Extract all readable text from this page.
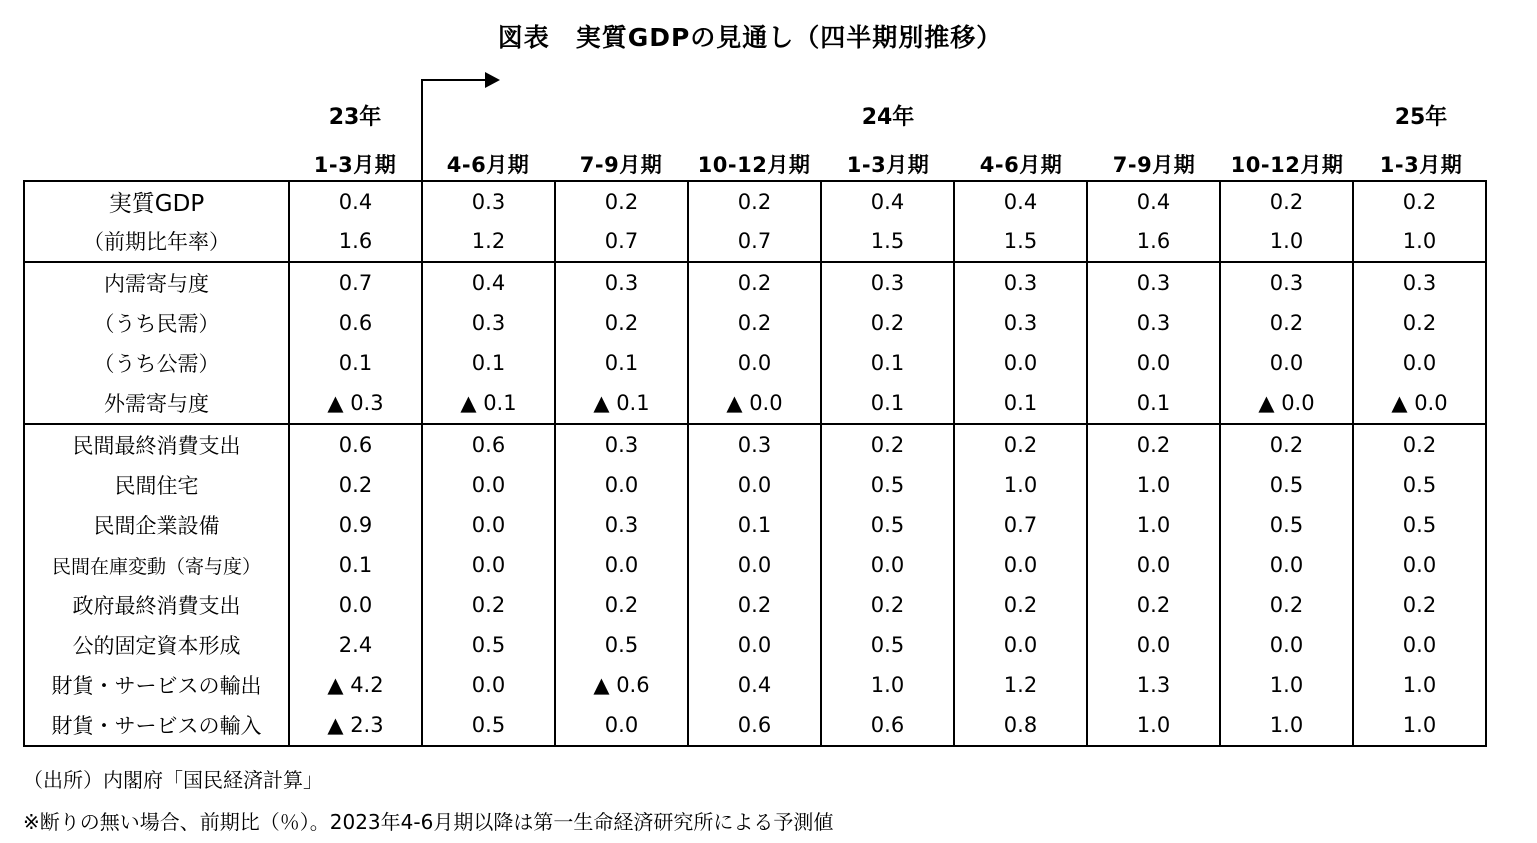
図表　実質GDPの見通し（四半期別推移）
23年	24年	25年
1-3月期	4-6月期	7-9月期	10-12月期	1-3月期	4-6月期	7-9月期	10-12月期	1-3月期
実質GDP	0.4	0.3	0.2	0.2	0.4	0.4	0.4	0.2	0.2
（前期比年率）	1.6	1.2	0.7	0.7	1.5	1.5	1.6	1.0	1.0
内需寄与度	0.7	0.4	0.3	0.2	0.3	0.3	0.3	0.3	0.3
（うち民需）	0.6	0.3	0.2	0.2	0.2	0.3	0.3	0.2	0.2
（うち公需）	0.1	0.1	0.1	0.0	0.1	0.0	0.0	0.0	0.0
外需寄与度	▲ 0.3	▲ 0.1	▲ 0.1	▲ 0.0	0.1	0.1	0.1	▲ 0.0	▲ 0.0
民間最終消費支出	0.6	0.6	0.3	0.3	0.2	0.2	0.2	0.2	0.2
民間住宅	0.2	0.0	0.0	0.0	0.5	1.0	1.0	0.5	0.5
民間企業設備	0.9	0.0	0.3	0.1	0.5	0.7	1.0	0.5	0.5
民間在庫変動（寄与度）	0.1	0.0	0.0	0.0	0.0	0.0	0.0	0.0	0.0
政府最終消費支出	0.0	0.2	0.2	0.2	0.2	0.2	0.2	0.2	0.2
公的固定資本形成	2.4	0.5	0.5	0.0	0.5	0.0	0.0	0.0	0.0
財貨・サービスの輸出	▲ 4.2	0.0	▲ 0.6	0.4	1.0	1.2	1.3	1.0	1.0
財貨・サービスの輸入	▲ 2.3	0.5	0.0	0.6	0.6	0.8	1.0	1.0	1.0
（出所）内閣府「国民経済計算」
※断りの無い場合、前期比（％）。2023年4-6月期以降は第一生命経済研究所による予測値
